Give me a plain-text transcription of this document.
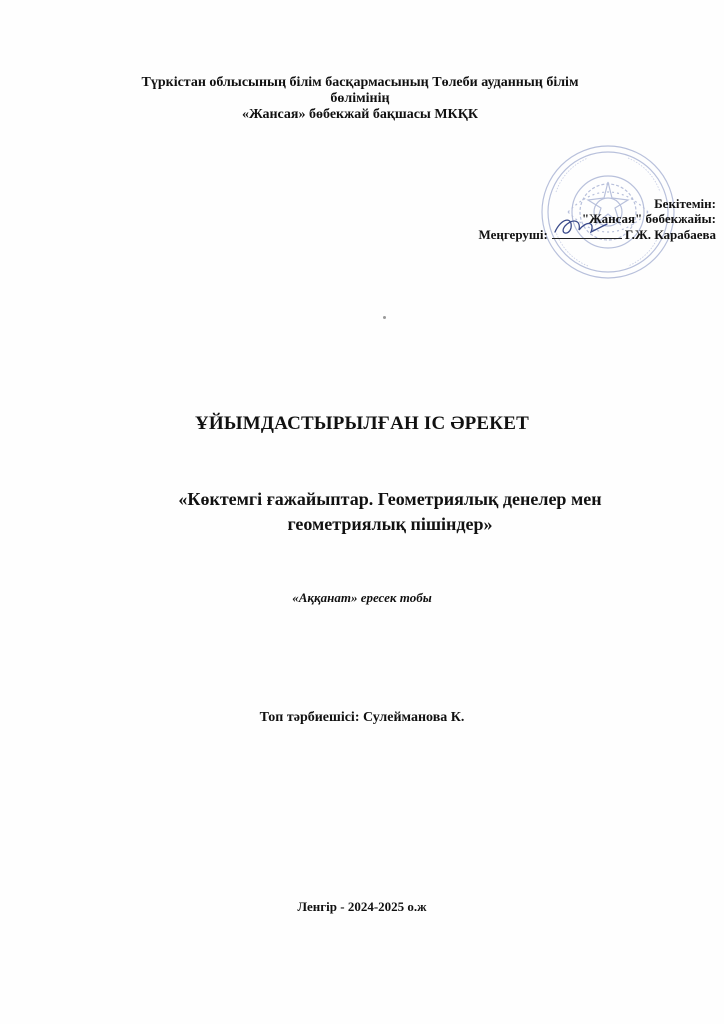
Түркістан облысының білім басқармасының Төлеби ауданның білім
бөлімінің
«Жансая» бөбекжай бақшасы МКҚК
Бекітемін:
"Жансая" бөбекжайы:
Меңгеруші:	Г.Ж. Карабаева
ҰЙЫМДАСТЫРЫЛҒАН ІС ӘРЕКЕТ
«Көктемгі ғажайыптар. Геометриялық денелер мен
геометриялық пішіндер»
«Аққанат» ересек тобы
Топ тәрбиешісі: Сулейманова К.
Ленгір - 2024-2025 о.ж
